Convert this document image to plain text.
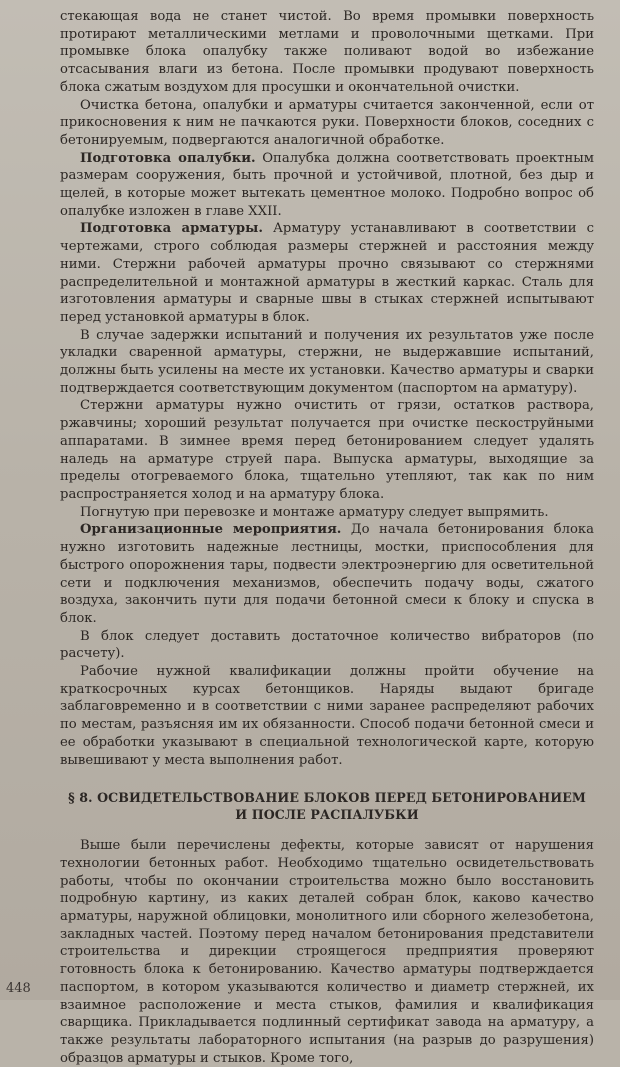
стекающая вода не станет чистой. Во время промывки поверхность протирают металлическими метлами и проволочными щетками. При промывке блока опалубку также поливают водой во избежание отсасывания влаги из бетона. После промывки продувают поверхность блока сжатым воздухом для просушки и окончательной очистки.

Очистка бетона, опалубки и арматуры считается законченной, если от прикосновения к ним не пачкаются руки. Поверхности блоков, соседних с бетонируемым, подвергаются аналогичной обработке.

Подготовка опалубки. Опалубка должна соответствовать проектным размерам сооружения, быть прочной и устойчивой, плотной, без дыр и щелей, в которые может вытекать цементное молоко. Подробно вопрос об опалубке изложен в главе XXII.

Подготовка арматуры. Арматуру устанавливают в соответствии с чертежами, строго соблюдая размеры стержней и расстояния между ними. Стержни рабочей арматуры прочно связывают со стержнями распределительной и монтажной арматуры в жесткий каркас. Сталь для изготовления арматуры и сварные швы в стыках стержней испытывают перед установкой арматуры в блок.

В случае задержки испытаний и получения их результатов уже после укладки сваренной арматуры, стержни, не выдержавшие испытаний, должны быть усилены на месте их установки. Качество арматуры и сварки подтверждается соответствующим документом (паспортом на арматуру).

Стержни арматуры нужно очистить от грязи, остатков раствора, ржавчины; хороший результат получается при очистке пескоструйными аппаратами. В зимнее время перед бетонированием следует удалять наледь на арматуре струей пара. Выпуска арматуры, выходящие за пределы отогреваемого блока, тщательно утепляют, так как по ним распространяется холод и на арматуру блока.

Погнутую при перевозке и монтаже арматуру следует выпрямить.

Организационные мероприятия. До начала бетонирования блока нужно изготовить надежные лестницы, мостки, приспособления для быстрого опорожнения тары, подвести электроэнергию для осветительной сети и подключения механизмов, обеспечить подачу воды, сжатого воздуха, закончить пути для подачи бетонной смеси к блоку и спуска в блок.

В блок следует доставить достаточное количество вибраторов (по расчету).

Рабочие нужной квалификации должны пройти обучение на краткосрочных курсах бетонщиков. Наряды выдают бригаде заблаговременно и в соответствии с ними заранее распределяют рабочих по местам, разъясняя им их обязанности. Способ подачи бетонной смеси и ее обработки указывают в специальной технологической карте, которую вывешивают у места выполнения работ.

§ 8. ОСВИДЕТЕЛЬСТВОВАНИЕ БЛОКОВ ПЕРЕД БЕТОНИРОВАНИЕМ И ПОСЛЕ РАСПАЛУБКИ

Выше были перечислены дефекты, которые зависят от нарушения технологии бетонных работ. Необходимо тщательно освидетельствовать работы, чтобы по окончании строительства можно было восстановить подробную картину, из каких деталей собран блок, каково качество арматуры, наружной облицовки, монолитного или сборного железобетона, закладных частей. Поэтому перед началом бетонирования представители строительства и дирекции строящегося предприятия проверяют готовность блока к бетонированию. Качество арматуры подтверждается паспортом, в котором указываются количество и диаметр стержней, их взаимное расположение и места стыков, фамилия и квалификация сварщика. Прикладывается подлинный сертификат завода на арматуру, а также результаты лабораторного испытания (на разрыв до разрушения) образцов арматуры и стыков. Кроме того,

448
